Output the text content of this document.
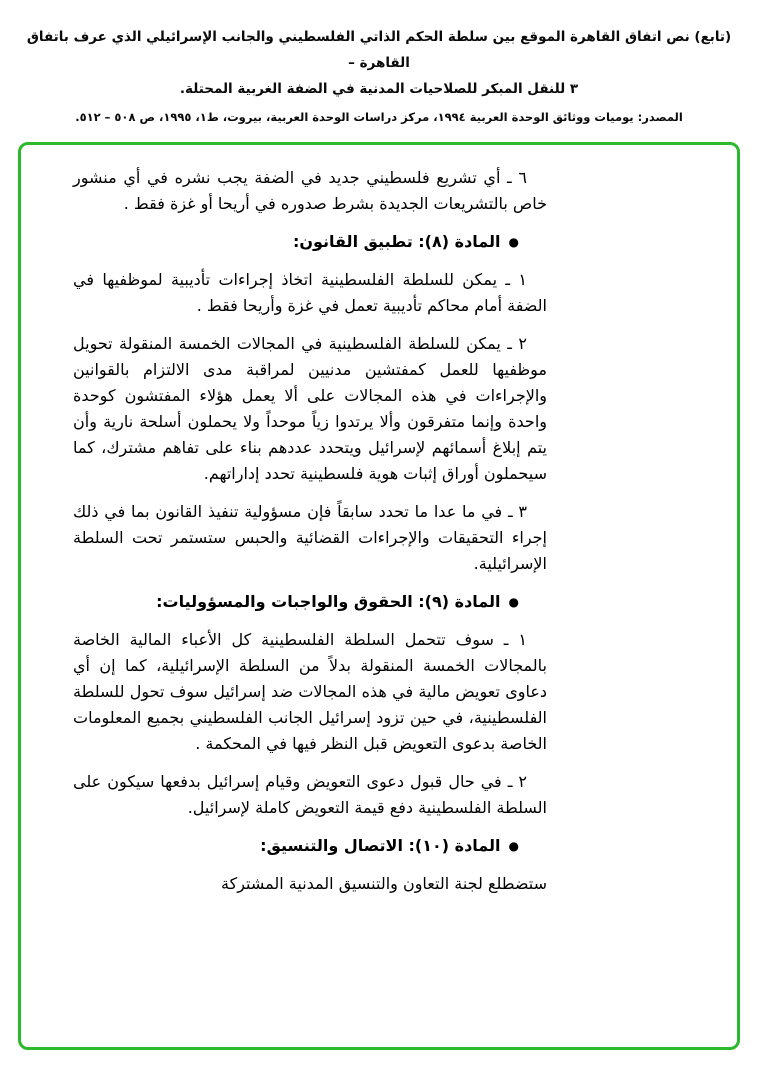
(تابع) نص اتفاق القاهرة الموقع بين سلطة الحكم الذاتي الفلسطيني والجانب الإسرائيلي الذي عرف باتفاق القاهرة –
٣ للنقل المبكر للصلاحيات المدنية في الضفة الغربية المحتلة.
المصدر: يوميات ووثائق الوحدة العربية ١٩٩٤، مركز دراسات الوحدة العربية، بيروت، ط١، ١٩٩٥، ص ٥٠٨ – ٥١٢.

٦ ـ أي تشريع فلسطيني جديد في الضفة يجب نشره في أي منشور خاص بالتشريعات الجديدة بشرط صدوره في أريحا أو غزة فقط .

●المادة (٨): تطبيق القانون:

١ ـ يمكن للسلطة الفلسطينية اتخاذ إجراءات تأديبية لموظفيها في الضفة أمام محاكم تأديبية تعمل في غزة وأريحا فقط .

٢ ـ يمكن للسلطة الفلسطينية في المجالات الخمسة المنقولة تحويل موظفيها للعمل كمفتشين مدنيين لمراقبة مدى الالتزام بالقوانين والإجراءات في هذه المجالات على ألا يعمل هؤلاء المفتشون كوحدة واحدة وإنما متفرقون وألا يرتدوا زياً موحداً ولا يحملون أسلحة نارية وأن يتم إبلاغ أسمائهم لإسرائيل ويتحدد عددهم بناء على تفاهم مشترك، كما سيحملون أوراق إثبات هوية فلسطينية تحدد إداراتهم.

٣ ـ في ما عدا ما تحدد سابقاً فإن مسؤولية تنفيذ القانون بما في ذلك إجراء التحقيقات والإجراءات القضائية والحبس ستستمر تحت السلطة الإسرائيلية.

●المادة (٩): الحقوق والواجبات والمسؤوليات:

١ ـ سوف تتحمل السلطة الفلسطينية كل الأعباء المالية الخاصة بالمجالات الخمسة المنقولة بدلاً من السلطة الإسرائيلية، كما إن أي دعاوى تعويض مالية في هذه المجالات ضد إسرائيل سوف تحول للسلطة الفلسطينية، في حين تزود إسرائيل الجانب الفلسطيني بجميع المعلومات الخاصة بدعوى التعويض قبل النظر فيها في المحكمة .

٢ ـ في حال قبول دعوى التعويض وقيام إسرائيل بدفعها سيكون على السلطة الفلسطينية دفع قيمة التعويض كاملة لإسرائيل.

●المادة (١٠): الاتصال والتنسيق:

ستضطلع لجنة التعاون والتنسيق المدنية المشتركة
